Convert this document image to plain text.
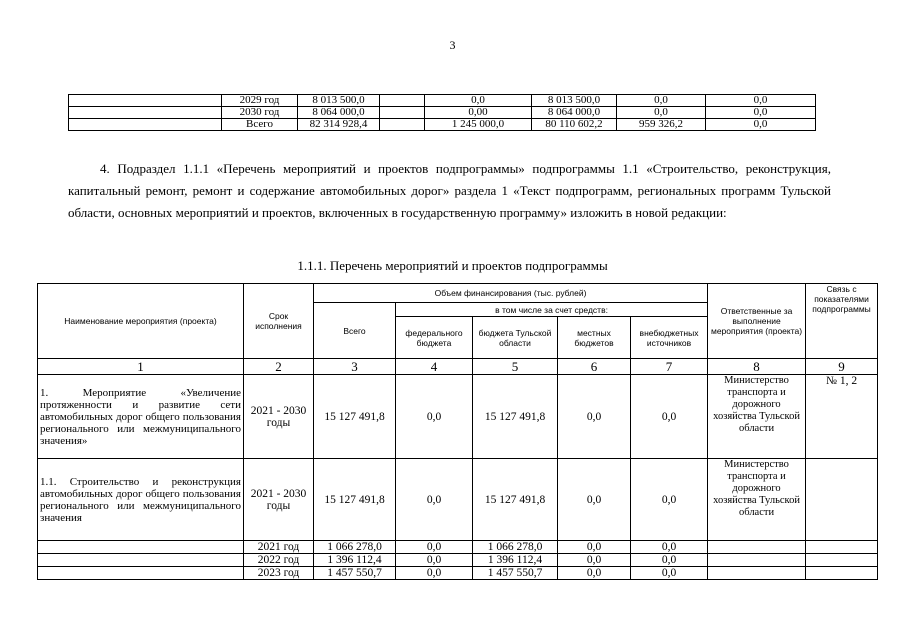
3
	2029 год	8 013 500,0		0,0	8 013 500,0	0,0	0,0
	2030 год	8 064 000,0		0,00	8 064 000,0	0,0	0,0
	Всего	82 314 928,4		1 245 000,0	80 110 602,2	959 326,2	0,0

4. Подраздел 1.1.1 «Перечень мероприятий и проектов подпрограммы» подпрограммы 1.1 «Строительство, реконструкция, капитальный ремонт, ремонт и содержание автомобильных дорог» раздела 1 «Текст подпрограмм, региональных программ Тульской области, основных мероприятий и проектов, включенных в государственную программу» изложить в новой редакции:

1.1.1. Перечень мероприятий и проектов подпрограммы
Наименование мероприятия (проекта)	Срок исполнения	Объем финансирования (тыс. рублей)					Ответственные за выполнение мероприятия (проекта)	Связь с показателями подпрограммы
		Всего	в том числе за счет средств:					
			федерального бюджета	бюджета Тульской области	местных бюджетов	внебюджетных источников		
1	2	3	4	5	6	7	8	9
1. Мероприятие «Увеличение протяженности и развитие сети автомобильных дорог общего пользования регионального или межмуниципального значения»	2021 - 2030 годы	15 127 491,8	0,0	15 127 491,8	0,0	0,0	Министерство транспорта и дорожного хозяйства Тульской области	№ 1, 2
1.1. Строительство и реконструкция автомобильных дорог общего пользования регионального или межмуниципального значения	2021 - 2030 годы	15 127 491,8	0,0	15 127 491,8	0,0	0,0	Министерство транспорта и дорожного хозяйства Тульской области	
	2021 год	1 066 278,0	0,0	1 066 278,0	0,0	0,0		
	2022 год	1 396 112,4	0,0	1 396 112,4	0,0	0,0		
	2023 год	1 457 550,7	0,0	1 457 550,7	0,0	0,0		
